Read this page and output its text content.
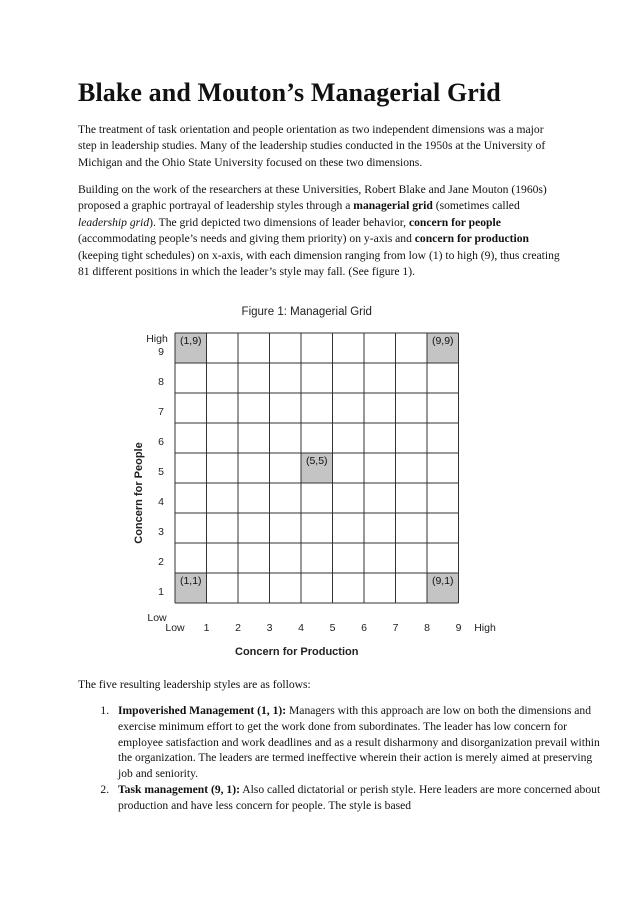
Blake and Mouton’s Managerial Grid

The treatment of task orientation and people orientation as two independent dimensions was a major step in leadership studies. Many of the leadership studies conducted in the 1950s at the University of Michigan and the Ohio State University focused on these two dimensions.

Building on the work of the researchers at these Universities, Robert Blake and Jane Mouton (1960s) proposed a graphic portrayal of leadership styles through a managerial grid (sometimes called leadership grid). The grid depicted two dimensions of leader behavior, concern for people (accommodating people’s needs and giving them priority) on y-axis and concern for production (keeping tight schedules) on x-axis, with each dimension ranging from low (1) to high (9), thus creating 81 different positions in which the leader’s style may fall. (See figure 1).

Figure 1: Managerial Grid
(1,9)	(9,9)
(5,5)
(1,1)	(9,1)
1
2
3
4
5
6
7
8
9
High
Low
Low 1 2 3 4 5 6 7 8 9 High
Concern for Production
Concern for People

The five resulting leadership styles are as follows:

1. Impoverished Management (1, 1): Managers with this approach are low on both the dimensions and exercise minimum effort to get the work done from subordinates. The leader has low concern for employee satisfaction and work deadlines and as a result disharmony and disorganization prevail within the organization. The leaders are termed ineffective wherein their action is merely aimed at preserving job and seniority.
2. Task management (9, 1): Also called dictatorial or perish style. Here leaders are more concerned about production and have less concern for people. The style is based
